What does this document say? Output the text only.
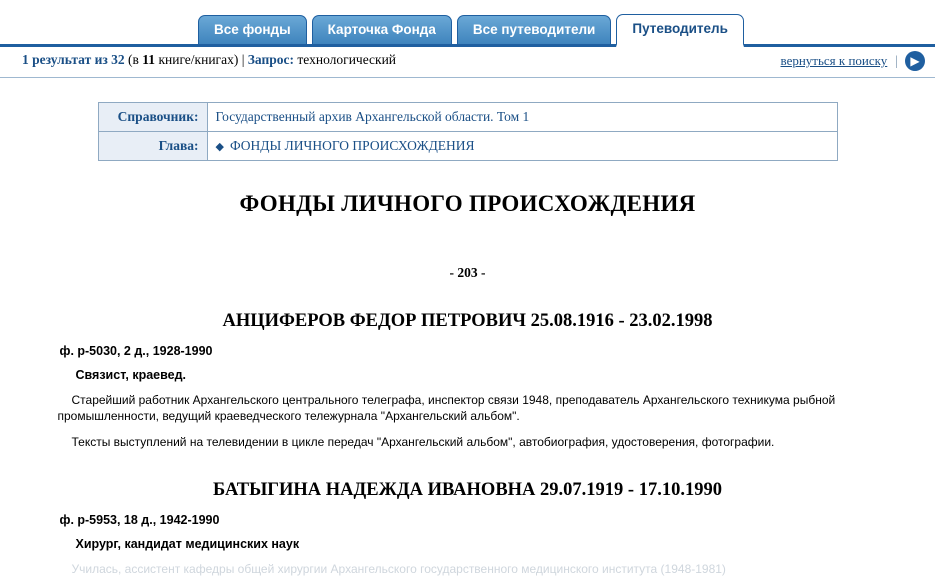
Все фонды	Карточка Фонда	Все путеводители	Путеводитель
1 результат из 32 (в 11 книге/книгах) | Запрос: технологический	вернуться к поиску |	▶
Справочник:	Государственный архив Архангельской области. Том 1
Глава:	◆ ФОНДЫ ЛИЧНОГО ПРОИСХОЖДЕНИЯ
ФОНДЫ ЛИЧНОГО ПРОИСХОЖДЕНИЯ
- 203 -
АНЦИФЕРОВ ФЕДОР ПЕТРОВИЧ 25.08.1916 - 23.02.1998
ф. р-5030, 2 д., 1928-1990
Связист, краевед.

Старейший работник Архангельского центрального телеграфа, инспектор связи 1948, преподаватель Архангельского техникума рыбной промышленности, ведущий краеведческого тележурнала "Архангельский альбом".

Тексты выступлений на телевидении в цикле передач "Архангельский альбом", автобиография, удостоверения, фотографии.

БАТЫГИНА НАДЕЖДА ИВАНОВНА 29.07.1919 - 17.10.1990
ф. р-5953, 18 д., 1942-1990
Хирург, кандидат медицинских наук

Училась, ассистент кафедры общей хирургии Архангельского государственного медицинского института (1948-1981)
